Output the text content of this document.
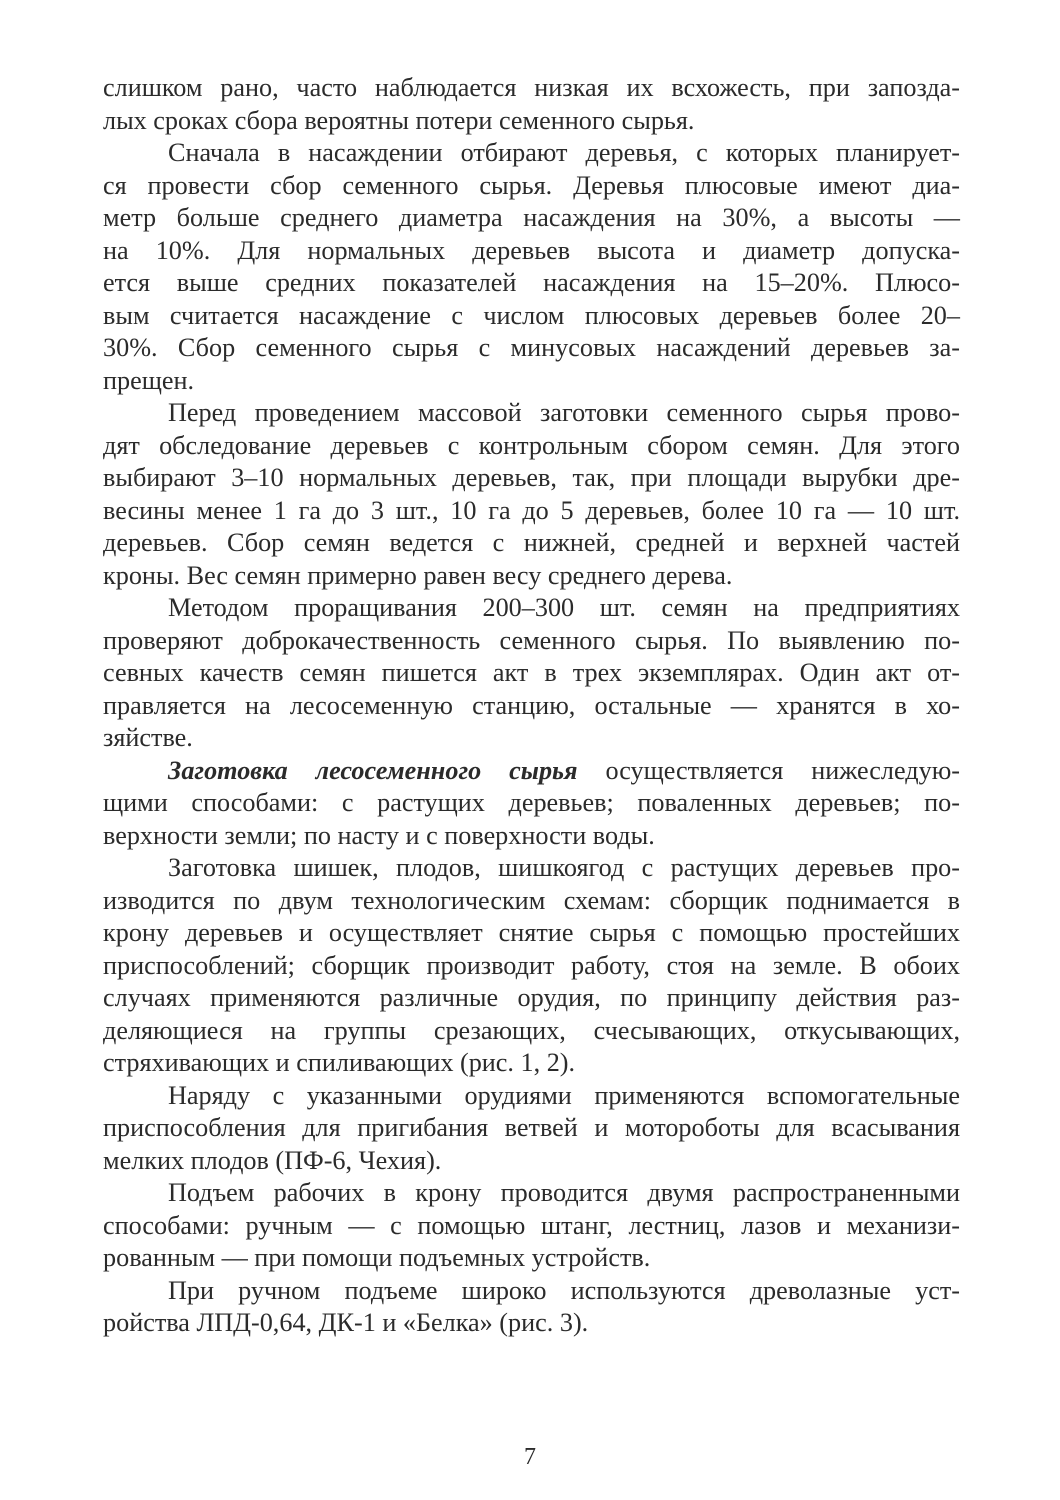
слишком рано, часто наблюдается низкая их всхожесть, при запозда-
лых сроках сбора вероятны потери семенного сырья.
Сначала в насаждении отбирают деревья, с которых планирует-
ся провести сбор семенного сырья. Деревья плюсовые имеют диа-
метр больше среднего диаметра насаждения на 30%, а высоты —
на 10%. Для нормальных деревьев высота и диаметр допуска-
ется выше средних показателей насаждения на 15–20%. Плюсо-
вым считается насаждение с числом плюсовых деревьев более 20–
30%. Сбор семенного сырья с минусовых насаждений деревьев за-
прещен.
Перед проведением массовой заготовки семенного сырья прово-
дят обследование деревьев с контрольным сбором семян. Для этого
выбирают 3–10 нормальных деревьев, так, при площади вырубки дре-
весины менее 1 га до 3 шт., 10 га до 5 деревьев, более 10 га — 10 шт.
деревьев. Сбор семян ведется с нижней, средней и верхней частей
кроны. Вес семян примерно равен весу среднего дерева.
Методом проращивания 200–300 шт. семян на предприятиях
проверяют доброкачественность семенного сырья. По выявлению по-
севных качеств семян пишется акт в трех экземплярах. Один акт от-
правляется на лесосеменную станцию, остальные — хранятся в хо-
зяйстве.
Заготовка лесосеменного сырья осуществляется нижеследую-
щими способами: с растущих деревьев; поваленных деревьев; по-
верхности земли; по насту и с поверхности воды.
Заготовка шишек, плодов, шишкоягод с растущих деревьев про-
изводится по двум технологическим схемам: сборщик поднимается в
крону деревьев и осуществляет снятие сырья с помощью простейших
приспособлений; сборщик производит работу, стоя на земле. В обоих
случаях применяются различные орудия, по принципу действия раз-
деляющиеся на группы срезающих, счесывающих, откусывающих,
стряхивающих и спиливающих (рис. 1, 2).
Наряду с указанными орудиями применяются вспомогательные
приспособления для пригибания ветвей и мотороботы для всасывания
мелких плодов (ПФ-6, Чехия).
Подъем рабочих в крону проводится двумя распространенными
способами: ручным — с помощью штанг, лестниц, лазов и механизи-
рованным — при помощи подъемных устройств.
При ручном подъеме широко используются древолазные уст-
ройства ЛПД-0,64, ДК-1 и «Белка» (рис. 3).
7
